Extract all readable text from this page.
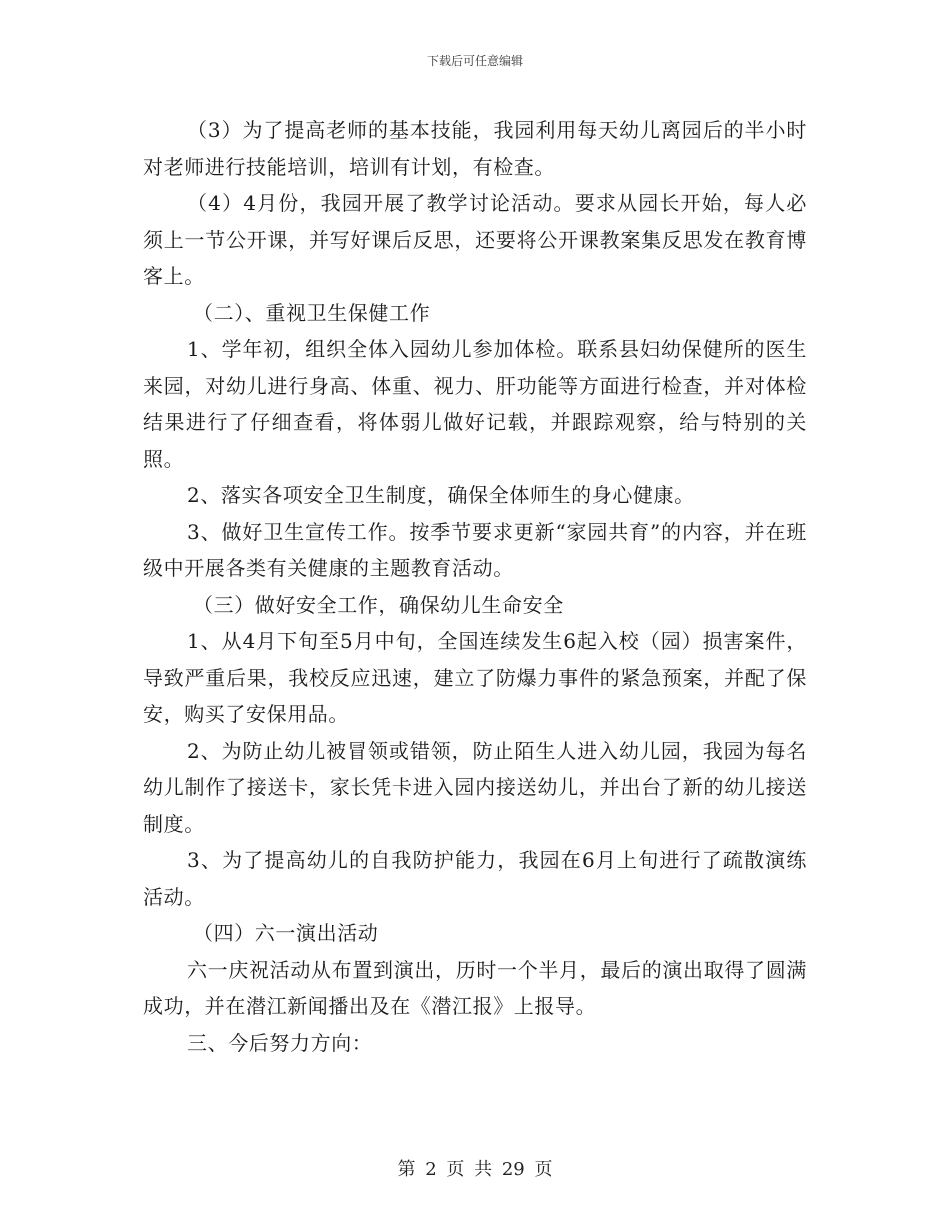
下载后可任意编辑

（3）为了提高老师的基本技能，我园利用每天幼儿离园后的半小时对老师进行技能培训，培训有计划，有检查。

（4）4月份，我园开展了教学讨论活动。要求从园长开始，每人必须上一节公开课，并写好课后反思，还要将公开课教案集反思发在教育博客上。

（二）、重视卫生保健工作

1、学年初，组织全体入园幼儿参加体检。联系县妇幼保健所的医生来园，对幼儿进行身高、体重、视力、肝功能等方面进行检查，并对体检结果进行了仔细查看，将体弱儿做好记载，并跟踪观察，给与特别的关照。

2、落实各项安全卫生制度，确保全体师生的身心健康。

3、做好卫生宣传工作。按季节要求更新“家园共育”的内容，并在班级中开展各类有关健康的主题教育活动。

（三）做好安全工作，确保幼儿生命安全

1、从4月下旬至5月中旬，全国连续发生6起入校（园）损害案件，导致严重后果，我校反应迅速，建立了防爆力事件的紧急预案，并配了保安，购买了安保用品。

2、为防止幼儿被冒领或错领，防止陌生人进入幼儿园，我园为每名幼儿制作了接送卡，家长凭卡进入园内接送幼儿，并出台了新的幼儿接送制度。

3、为了提高幼儿的自我防护能力，我园在6月上旬进行了疏散演练活动。

（四）六一演出活动

六一庆祝活动从布置到演出，历时一个半月，最后的演出取得了圆满成功，并在潜江新闻播出及在《潜江报》上报导。

三、今后努力方向：

第 2 页 共 29 页
